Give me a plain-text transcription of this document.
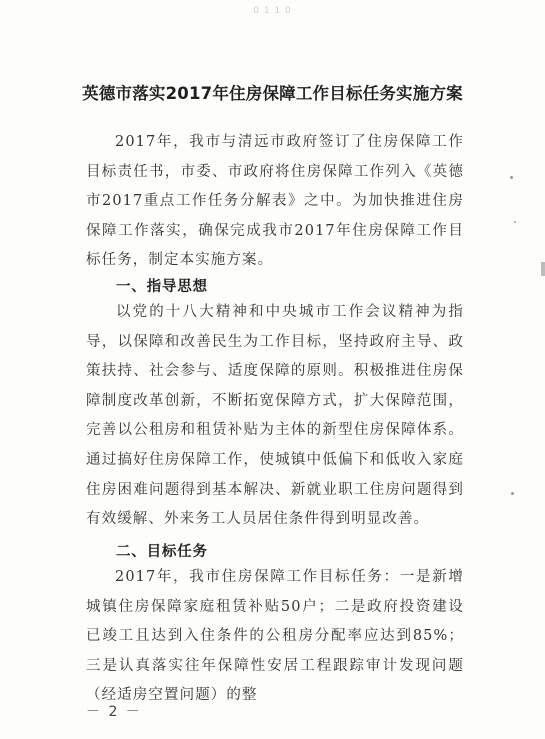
0 1 1 0
英德市落实2017年住房保障工作目标任务实施方案

2017年，我市与清远市政府签订了住房保障工作目标责任书，市委、市政府将住房保障工作列入《英德市2017重点工作任务分解表》之中。为加快推进住房保障工作落实，确保完成我市2017年住房保障工作目标任务，制定本实施方案。

一、指导思想

以党的十八大精神和中央城市工作会议精神为指导，以保障和改善民生为工作目标，坚持政府主导、政策扶持、社会参与、适度保障的原则。积极推进住房保障制度改革创新，不断拓宽保障方式，扩大保障范围，完善以公租房和租赁补贴为主体的新型住房保障体系。通过搞好住房保障工作，使城镇中低偏下和低收入家庭住房困难问题得到基本解决、新就业职工住房问题得到有效缓解、外来务工人员居住条件得到明显改善。

二、目标任务

2017年，我市住房保障工作目标任务：一是新增城镇住房保障家庭租赁补贴50户；二是政府投资建设已竣工且达到入住条件的公租房分配率应达到85%；三是认真落实往年保障性安居工程跟踪审计发现问题（经适房空置问题）的整

－ 2 －
